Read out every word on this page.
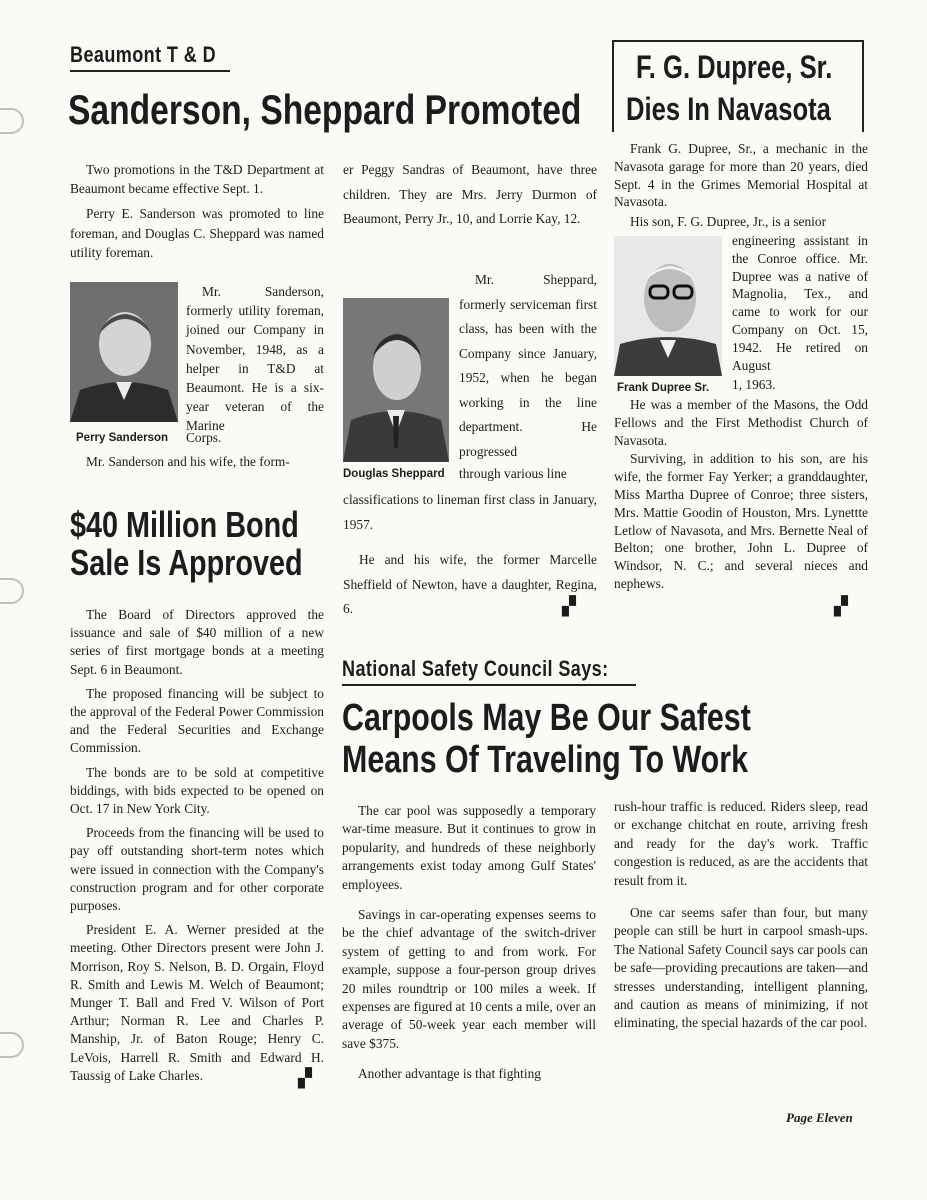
Beaumont T & D
Sanderson, Sheppard Promoted

Two promotions in the T&D Department at Beaumont became effective Sept. 1.

Perry E. Sanderson was promoted to line foreman, and Douglas C. Sheppard was named utility foreman.

Mr. Sanderson, formerly utility foreman, joined our Company in November, 1948, as a helper in T&D at Beaumont. He is a six-year veteran of the Marine

Perry Sanderson Corps.

Mr. Sanderson and his wife, the form-

er Peggy Sandras of Beaumont, have three children. They are Mrs. Jerry Durmon of Beaumont, Perry Jr., 10, and Lorrie Kay, 12.

Mr. Sheppard, formerly serviceman first class, has been with the Company since January, 1952, when he began working in the line department. He progressed

Douglas Sheppard through various line

classifications to lineman first class in January, 1957.

He and his wife, the former Marcelle Sheffield of Newton, have a daughter, Regina, 6.	▞
F. G. Dupree, Sr.
Dies In Navasota

Frank G. Dupree, Sr., a mechanic in the Navasota garage for more than 20 years, died Sept. 4 in the Grimes Memorial Hospital at Navasota.

His son, F. G. Dupree, Jr., is a senior

engineering assistant in the Conroe office. Mr. Dupree was a native of Magnolia, Tex., and came to work for our Company on Oct. 15, 1942. He retired on August

Frank Dupree Sr. 1, 1963.

He was a member of the Masons, the Odd Fellows and the First Methodist Church of Navasota.

Surviving, in addition to his son, are his wife, the former Fay Yerker; a granddaughter, Miss Martha Dupree of Conroe; three sisters, Mrs. Mattie Goodin of Houston, Mrs. Lynettte Letlow of Navasota, and Mrs. Bernette Neal of Belton; one brother, John L. Dupree of Windsor, N. C.; and several nieces and nephews.

▞
$40 Million Bond
Sale Is Approved

The Board of Directors approved the issuance and sale of $40 million of a new series of first mortgage bonds at a meeting Sept. 6 in Beaumont.

The proposed financing will be subject to the approval of the Federal Power Commission and the Federal Securities and Exchange Commission.

The bonds are to be sold at competitive biddings, with bids expected to be opened on Oct. 17 in New York City.

Proceeds from the financing will be used to pay off outstanding short-term notes which were issued in connection with the Company's construction program and for other corporate purposes.

President E. A. Werner presided at the meeting. Other Directors present were John J. Morrison, Roy S. Nelson, B. D. Orgain, Floyd R. Smith and Lewis M. Welch of Beaumont; Munger T. Ball and Fred V. Wilson of Port Arthur; Norman R. Lee and Charles P. Manship, Jr. of Baton Rouge; Henry C. LeVois, Harrell R. Smith and Edward H. Taussig of Lake Charles.	▞
National Safety Council Says:
Carpools May Be Our Safest
Means Of Traveling To Work

The car pool was supposedly a temporary war-time measure. But it continues to grow in popularity, and hundreds of these neighborly arrangements exist today among Gulf States' employees.

Savings in car-operating expenses seems to be the chief advantage of the switch-driver system of getting to and from work. For example, suppose a four-person group drives 20 miles roundtrip or 100 miles a week. If expenses are figured at 10 cents a mile, over an average of 50-week year each member will save $375.

Another advantage is that fighting

rush-hour traffic is reduced. Riders sleep, read or exchange chitchat en route, arriving fresh and ready for the day's work. Traffic congestion is reduced, as are the accidents that result from it.

One car seems safer than four, but many people can still be hurt in carpool smash-ups. The National Safety Council says car pools can be safe—providing precautions are taken—and stresses understanding, intelligent planning, and caution as means of minimizing, if not eliminating, the special hazards of the car pool.

Page Eleven
